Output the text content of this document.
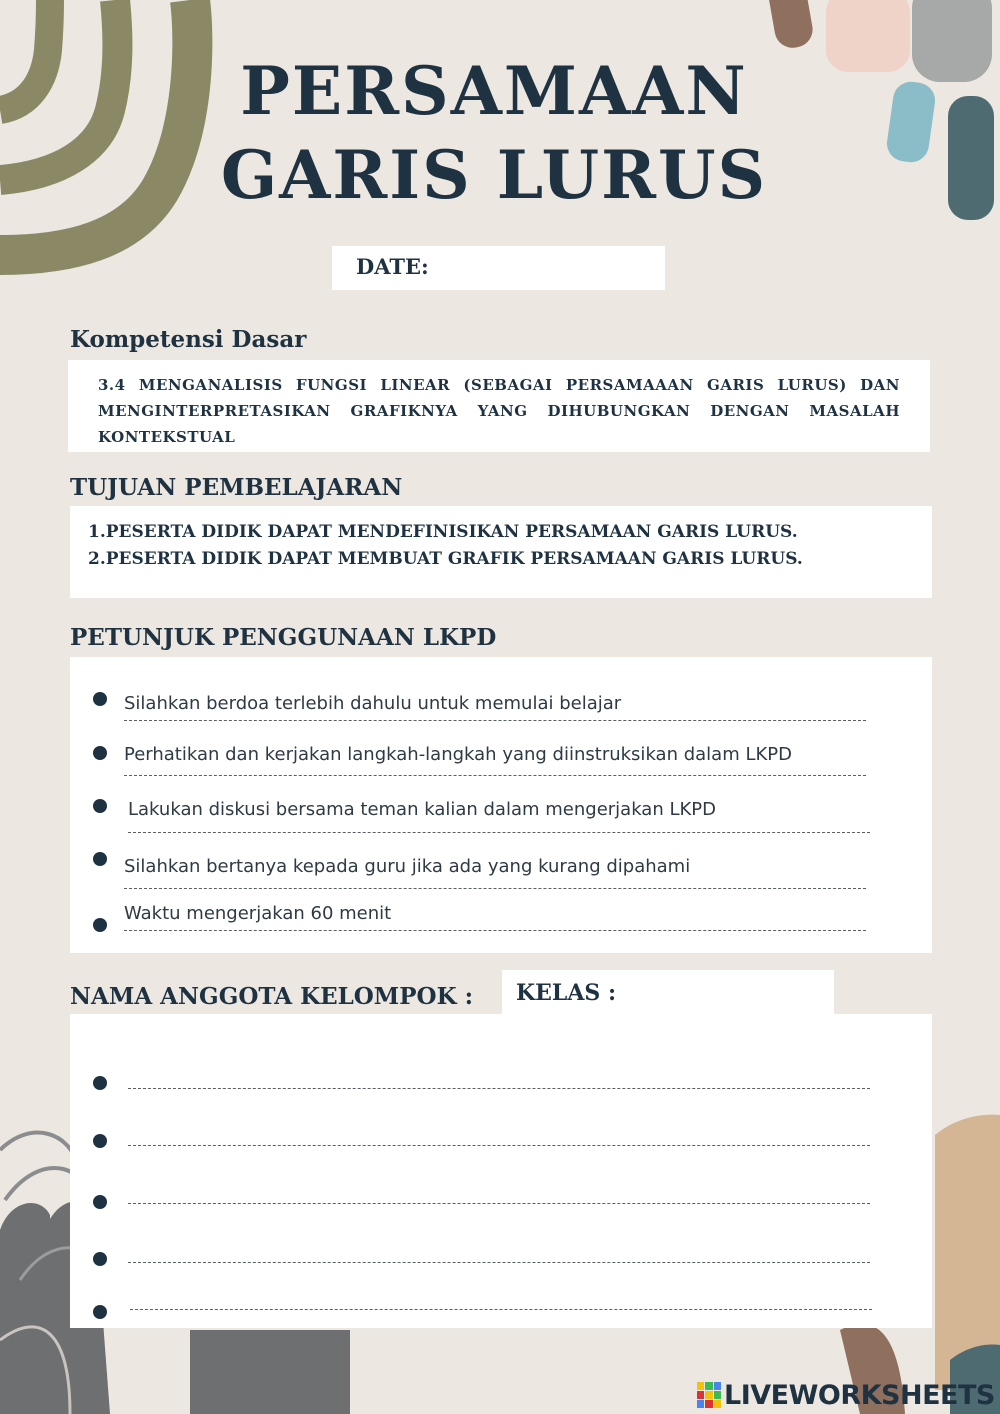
PERSAMAAN
GARIS LURUS
DATE:
Kompetensi Dasar
3.4 MENGANALISIS FUNGSI LINEAR (SEBAGAI PERSAMAAAN GARIS LURUS) DAN MENGINTERPRETASIKAN GRAFIKNYA YANG DIHUBUNGKAN DENGAN MASALAH KONTEKSTUAL
TUJUAN PEMBELAJARAN
1.PESERTA DIDIK DAPAT MENDEFINISIKAN PERSAMAAN GARIS LURUS.
2.PESERTA DIDIK DAPAT MEMBUAT GRAFIK PERSAMAAN GARIS LURUS.
PETUNJUK PENGGUNAAN LKPD
Silahkan berdoa terlebih dahulu untuk memulai belajar
Perhatikan dan kerjakan langkah-langkah yang diinstruksikan dalam LKPD
Lakukan diskusi bersama teman kalian dalam mengerjakan LKPD
Silahkan bertanya kepada guru jika ada yang kurang dipahami
Waktu mengerjakan 60 menit
NAMA ANGGOTA KELOMPOK : KELAS :
LIVEWORKSHEETS
